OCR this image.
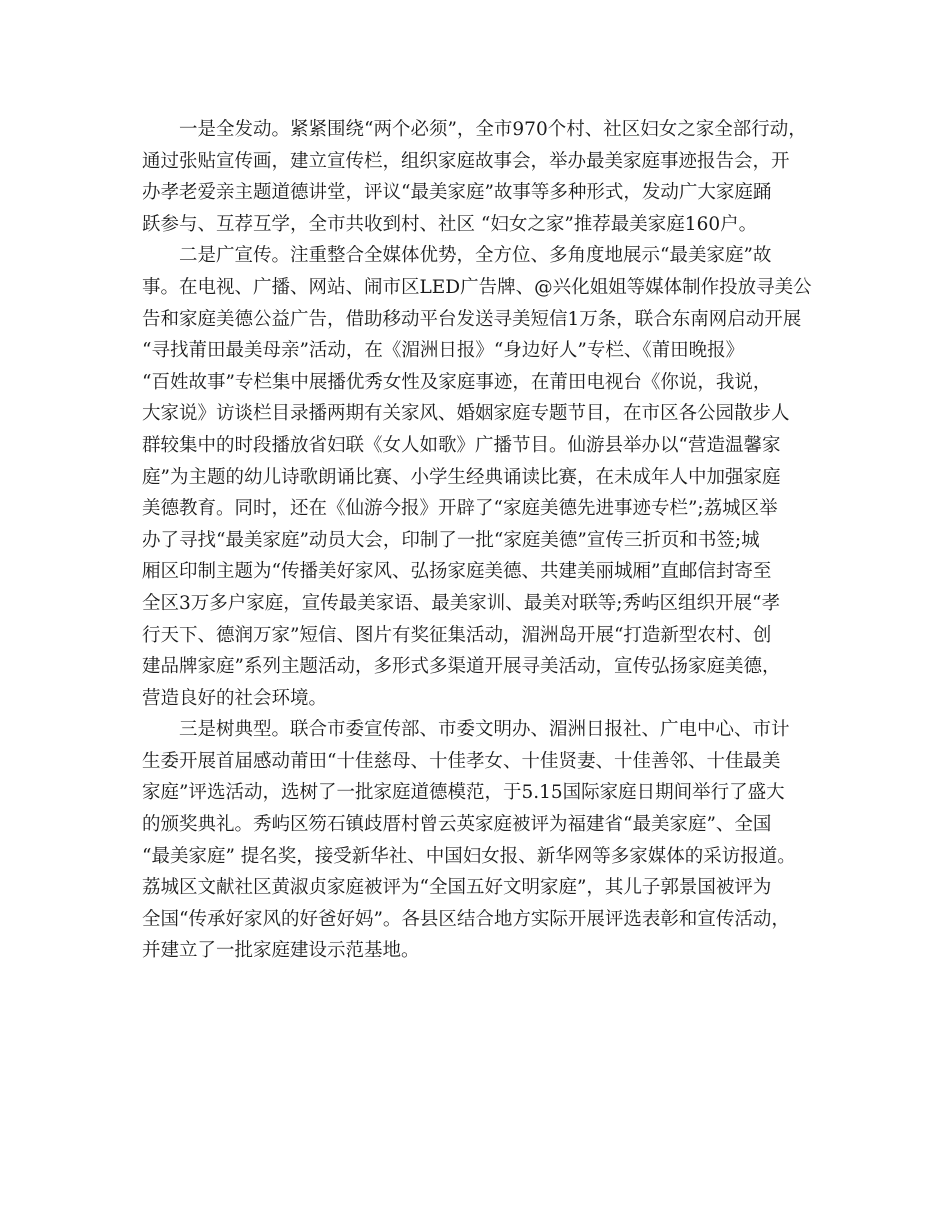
一是全发动。紧紧围绕“两个必须”，全市970个村、社区妇女之家全部行动，
通过张贴宣传画，建立宣传栏，组织家庭故事会，举办最美家庭事迹报告会，开
办孝老爱亲主题道德讲堂，评议“最美家庭”故事等多种形式，发动广大家庭踊
跃参与、互荐互学，全市共收到村、社区 “妇女之家”推荐最美家庭160户。
二是广宣传。注重整合全媒体优势，全方位、多角度地展示“最美家庭”故
事。在电视、广播、网站、闹市区LED广告牌、@兴化姐姐等媒体制作投放寻美公
告和家庭美德公益广告，借助移动平台发送寻美短信1万条，联合东南网启动开展
“寻找莆田最美母亲”活动，在《湄洲日报》“身边好人”专栏、《莆田晚报》
“百姓故事”专栏集中展播优秀女性及家庭事迹，在莆田电视台《你说，我说，
大家说》访谈栏目录播两期有关家风、婚姻家庭专题节目，在市区各公园散步人
群较集中的时段播放省妇联《女人如歌》广播节目。仙游县举办以“营造温馨家
庭”为主题的幼儿诗歌朗诵比赛、小学生经典诵读比赛，在未成年人中加强家庭
美德教育。同时，还在《仙游今报》开辟了“家庭美德先进事迹专栏”;荔城区举
办了寻找“最美家庭”动员大会，印制了一批“家庭美德”宣传三折页和书签;城
厢区印制主题为“传播美好家风、弘扬家庭美德、共建美丽城厢”直邮信封寄至
全区3万多户家庭，宣传最美家语、最美家训、最美对联等;秀屿区组织开展“孝
行天下、德润万家”短信、图片有奖征集活动，湄洲岛开展“打造新型农村、创
建品牌家庭”系列主题活动，多形式多渠道开展寻美活动，宣传弘扬家庭美德，
营造良好的社会环境。
三是树典型。联合市委宣传部、市委文明办、湄洲日报社、广电中心、市计
生委开展首届感动莆田“十佳慈母、十佳孝女、十佳贤妻、十佳善邻、十佳最美
家庭”评选活动，选树了一批家庭道德模范，于5.15国际家庭日期间举行了盛大
的颁奖典礼。秀屿区笏石镇歧厝村曾云英家庭被评为福建省“最美家庭”、全国
“最美家庭” 提名奖，接受新华社、中国妇女报、新华网等多家媒体的采访报道。
荔城区文献社区黄淑贞家庭被评为“全国五好文明家庭”，其儿子郭景国被评为
全国“传承好家风的好爸好妈”。各县区结合地方实际开展评选表彰和宣传活动，
并建立了一批家庭建设示范基地。
